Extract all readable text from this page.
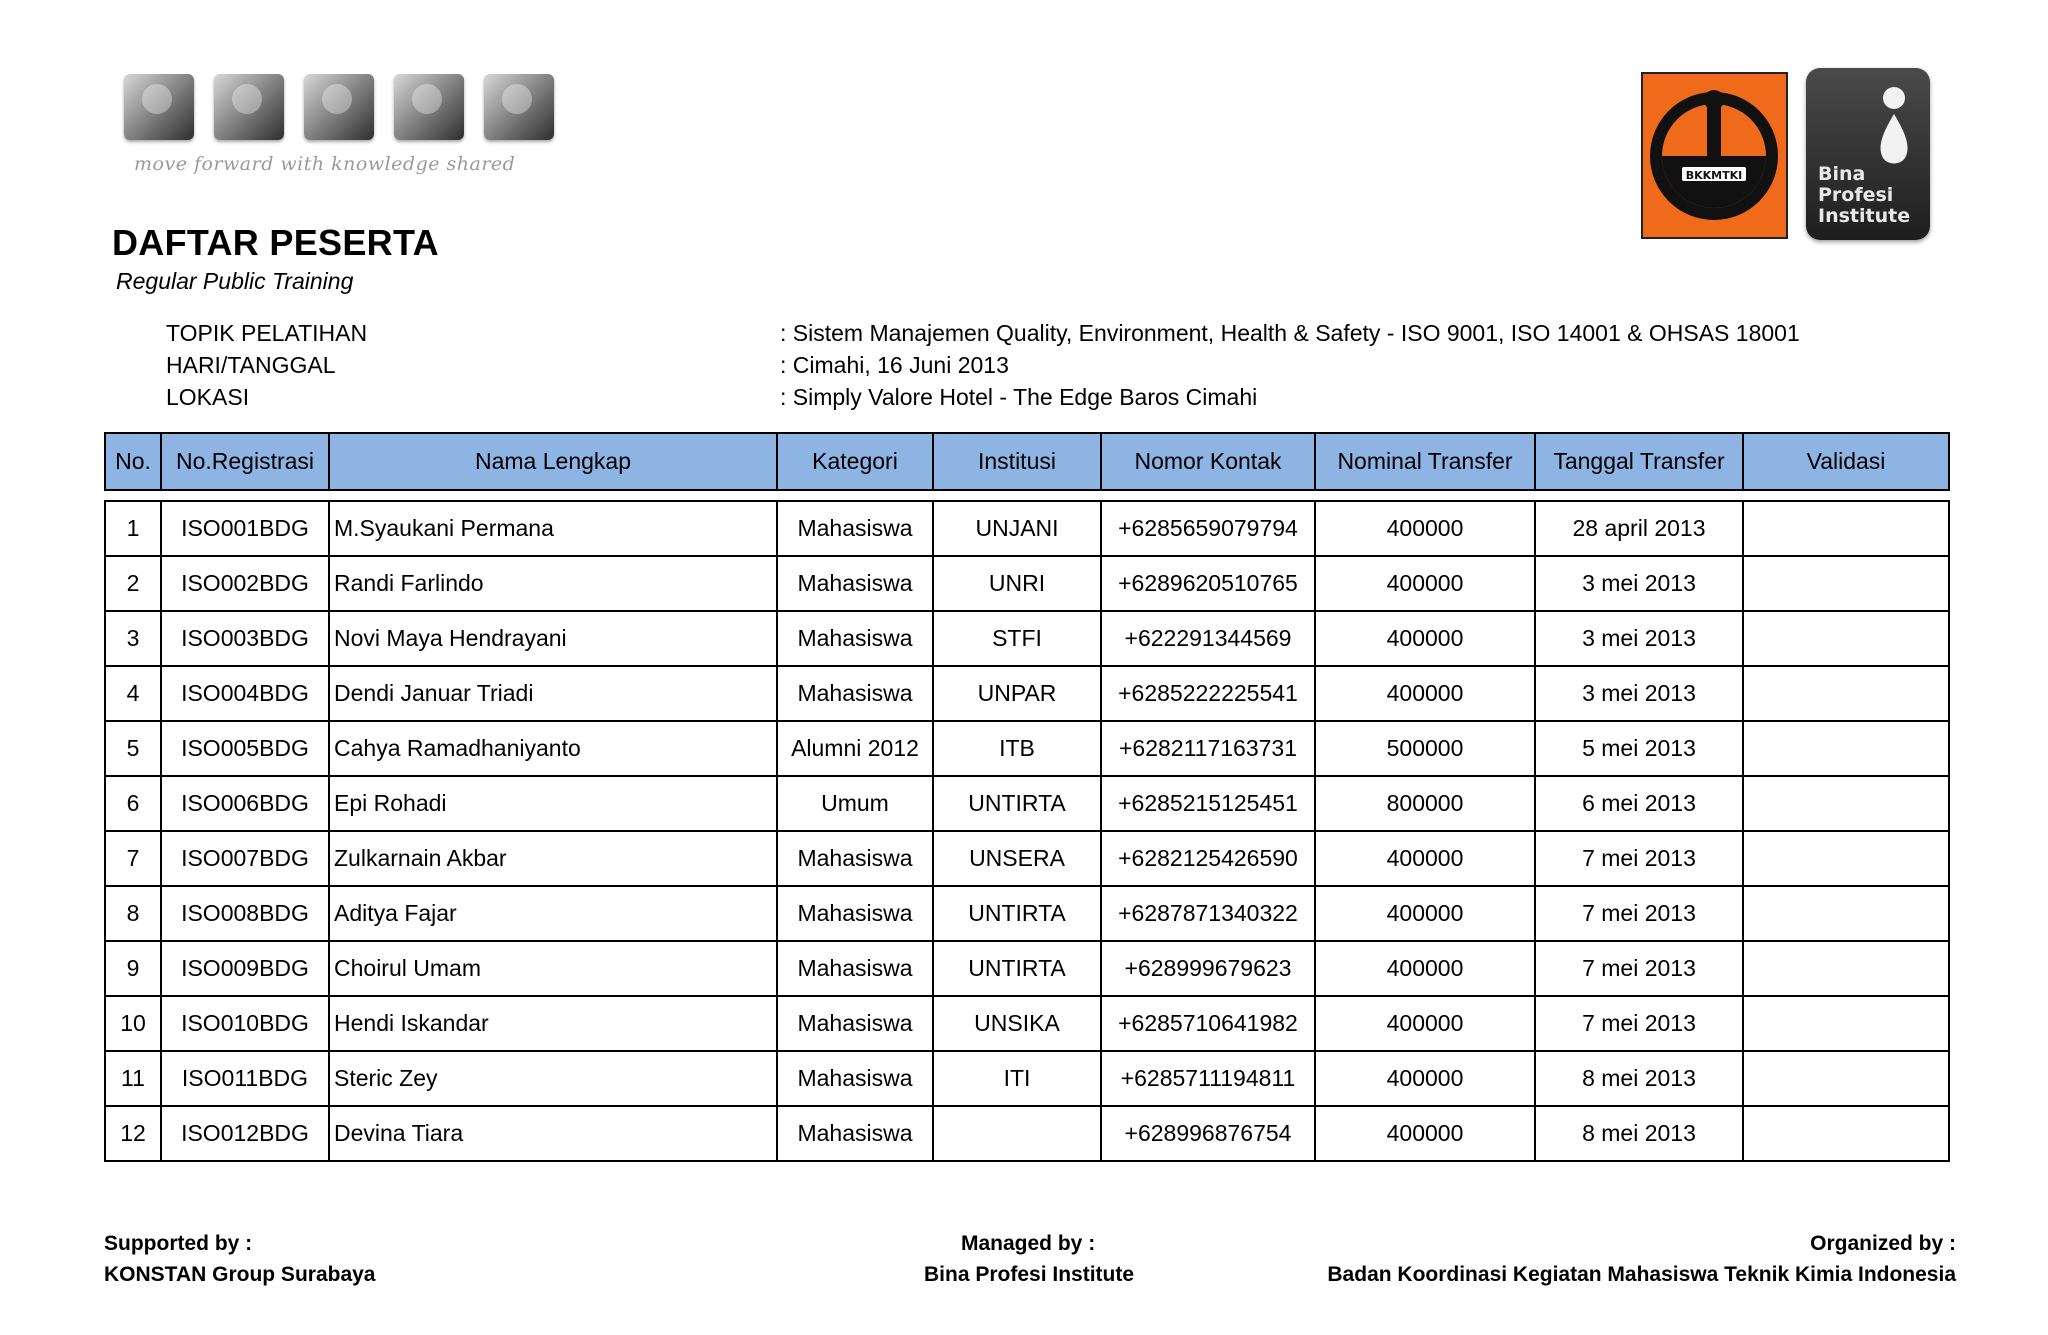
move forward with knowledge shared
BKKMTKI	Bina
Profesi
Institute
DAFTAR PESERTA
Regular Public Training
TOPIK PELATIHAN	: Sistem Manajemen Quality, Environment, Health & Safety - ISO 9001, ISO 14001 & OHSAS 18001
HARI/TANGGAL	: Cimahi, 16 Juni 2013
LOKASI	: Simply Valore Hotel - The Edge Baros Cimahi
No.	No.Registrasi	Nama Lengkap	Kategori	Institusi	Nomor Kontak	Nominal Transfer	Tanggal Transfer	Validasi
1	ISO001BDG	M.Syaukani Permana	Mahasiswa	UNJANI	+6285659079794	400000	28 april 2013	
2	ISO002BDG	Randi Farlindo	Mahasiswa	UNRI	+6289620510765	400000	3 mei 2013	
3	ISO003BDG	Novi Maya Hendrayani	Mahasiswa	STFI	+622291344569	400000	3 mei 2013	
4	ISO004BDG	Dendi Januar Triadi	Mahasiswa	UNPAR	+6285222225541	400000	3 mei 2013	
5	ISO005BDG	Cahya Ramadhaniyanto	Alumni 2012	ITB	+6282117163731	500000	5 mei 2013	
6	ISO006BDG	Epi Rohadi	Umum	UNTIRTA	+6285215125451	800000	6 mei 2013	
7	ISO007BDG	Zulkarnain Akbar	Mahasiswa	UNSERA	+6282125426590	400000	7 mei 2013	
8	ISO008BDG	Aditya Fajar	Mahasiswa	UNTIRTA	+6287871340322	400000	7 mei 2013	
9	ISO009BDG	Choirul Umam	Mahasiswa	UNTIRTA	+628999679623	400000	7 mei 2013	
10	ISO010BDG	Hendi Iskandar	Mahasiswa	UNSIKA	+6285710641982	400000	7 mei 2013	
11	ISO011BDG	Steric Zey	Mahasiswa	ITI	+6285711194811	400000	8 mei 2013	
12	ISO012BDG	Devina Tiara	Mahasiswa		+628996876754	400000	8 mei 2013	
Supported by :
KONSTAN Group Surabaya
Managed by :
Bina Profesi Institute
Organized by :
Badan Koordinasi Kegiatan Mahasiswa Teknik Kimia Indonesia
